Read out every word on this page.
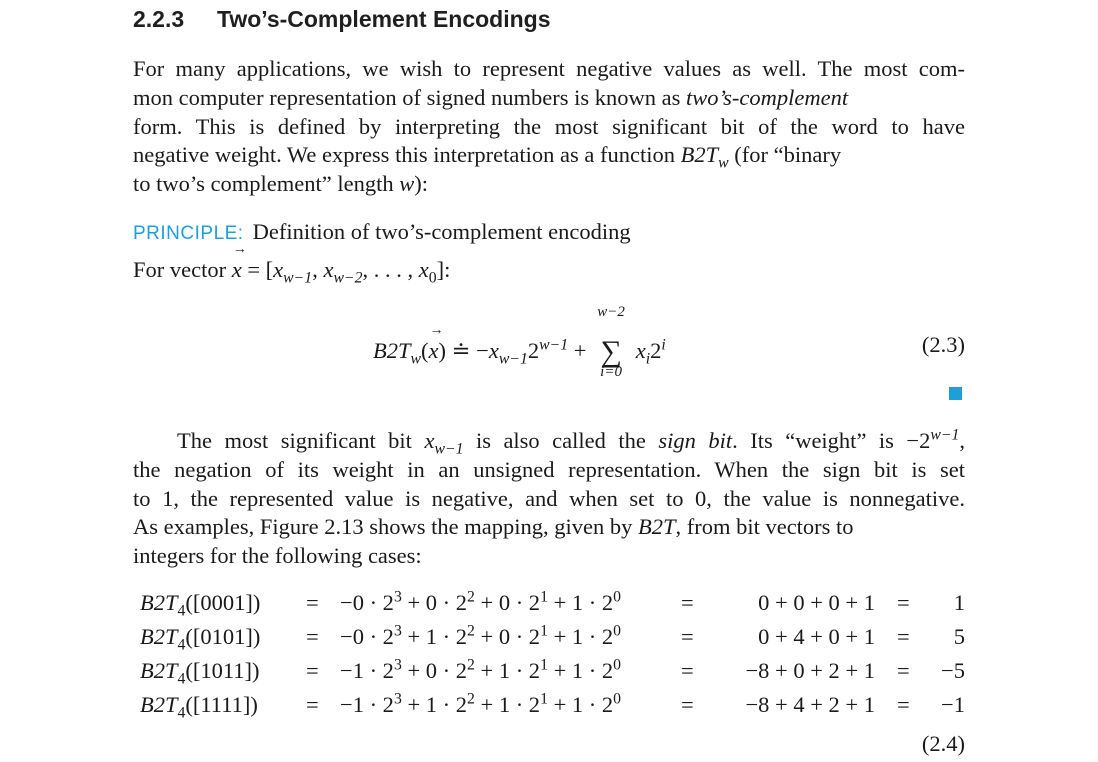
2.2.3 Two’s-Complement Encodings
For many applications, we wish to represent negative values as well. The most com-
mon computer representation of signed numbers is known as two’s-complement
form. This is defined by interpreting the most significant bit of the word to have
negative weight. We express this interpretation as a function $B2T_w$ (for “binary
to two’s complement” length w):
PRINCIPLE: Definition of two’s-complement encoding
For vector
→
$x = [x_{w-1}$, $x_{w-2}$, . . . , $x_0$]:
$B2T_w$(
→
x) ≐ $-x_{w-1}2^{w-1}$ +
w−2
∑
i=0
$x_i2^i$	(2.3)
The most significant bit $x_{w-1}$ is also called the sign bit. Its “weight” is $-2^{w-1}$,
the negation of its weight in an unsigned representation. When the sign bit is set
to 1, the represented value is negative, and when set to 0, the value is nonnegative.
As examples, Figure 2.13 shows the mapping, given by B2T, from bit vectors to
integers for the following cases:
$B2T_4([0001]) = -0 \cdot 2^3 + 0 \cdot 2^2 + 0 \cdot 2^1 + 1 \cdot 2^0$	=	0 + 0 + 0 + 1 =	1
$B2T_4([0101]) = -0 \cdot 2^3 + 1 \cdot 2^2 + 0 \cdot 2^1 + 1 \cdot 2^0$	=	0 + 4 + 0 + 1 =	5
$B2T_4([1011]) = -1 \cdot 2^3 + 0 \cdot 2^2 + 1 \cdot 2^1 + 1 \cdot 2^0$	=	−8 + 0 + 2 + 1 =	−5
$B2T_4([1111]) = -1 \cdot 2^3 + 1 \cdot 2^2 + 1 \cdot 2^1 + 1 \cdot 2^0$	=	−8 + 4 + 2 + 1 =	−1
(2.4)
